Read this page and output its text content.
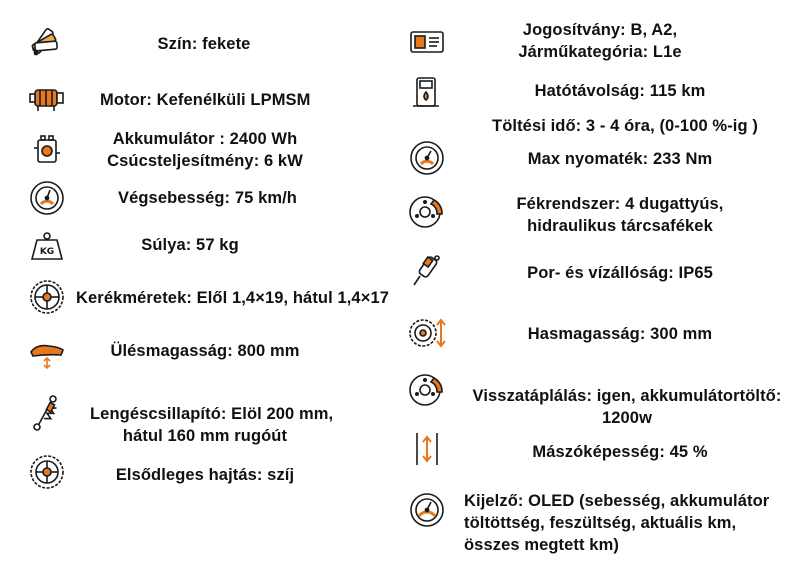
Szín: fekete
Motor: Kefenélküli LPMSM
Akkumulátor : 2400 Wh
Csúcsteljesítmény: 6 kW
Végsebesség: 75 km/h
KG	Súlya: 57 kg
Kerékméretek: Elől 1,4×19, hátul 1,4×17
Ülésmagasság: 800 mm
Lengéscsillapító: Elöl 200 mm,
hátul 160 mm rugóút
Elsődleges hajtás: szíj
Jogosítvány: B, A2,
Járműkategória: L1e
Hatótávolság: 115 km
Töltési idő: 3 - 4 óra, (0-100 %-ig )
Max nyomaték: 233 Nm
Fékrendszer: 4 dugattyús,
hidraulikus tárcsafékek
Por- és vízállóság: IP65
Hasmagasság: 300 mm
Visszatáplálás: igen, akkumulátortöltő:
1200w
Mászóképesség: 45 %
Kijelző: OLED (sebesség, akkumulátor
töltöttség, feszültség, aktuális km,
összes megtett km)
